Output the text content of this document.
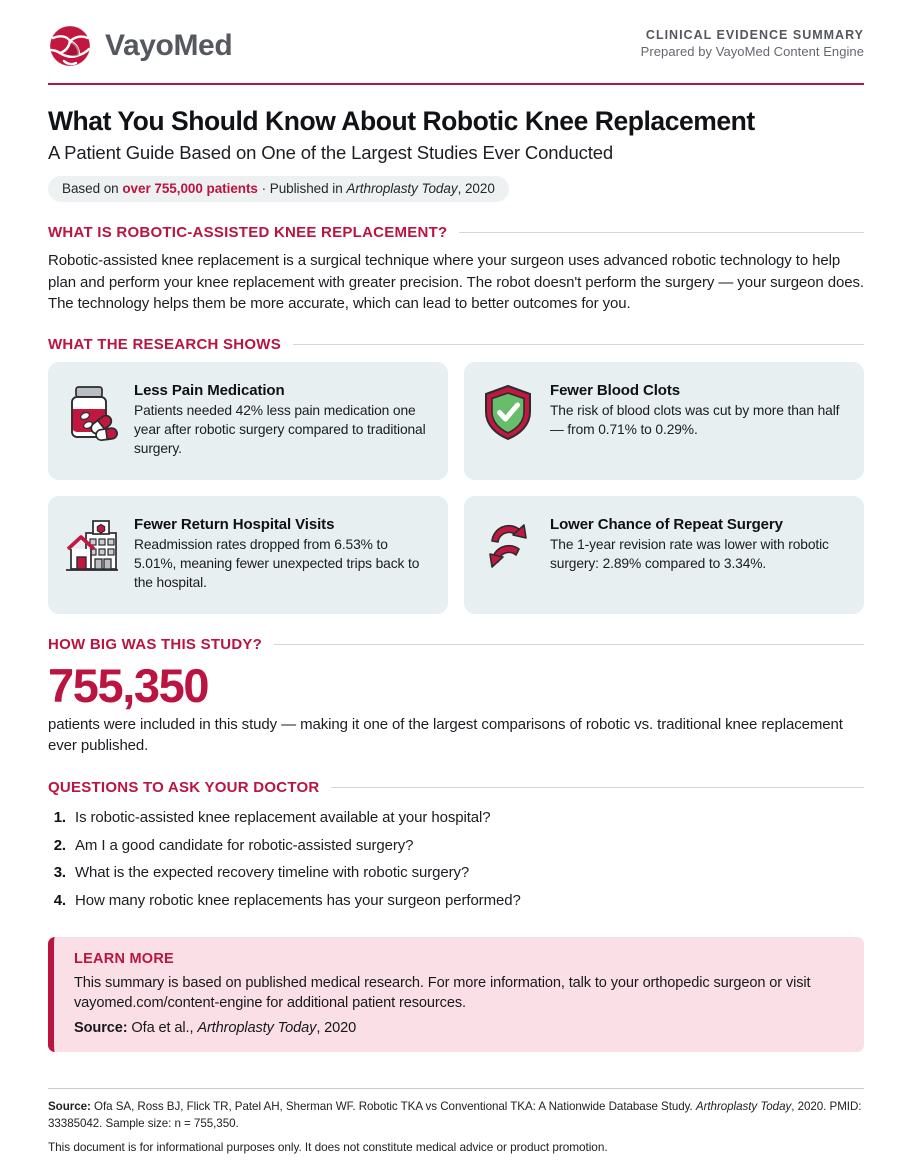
VayoMed	CLINICAL EVIDENCE SUMMARY
Prepared by VayoMed Content Engine
What You Should Know About Robotic Knee Replacement
A Patient Guide Based on One of the Largest Studies Ever Conducted
Based on over 755,000 patients · Published in Arthroplasty Today, 2020
WHAT IS ROBOTIC-ASSISTED KNEE REPLACEMENT?

Robotic-assisted knee replacement is a surgical technique where your surgeon uses advanced robotic technology to help plan and perform your knee replacement with greater precision. The robot doesn't perform the surgery — your surgeon does. The technology helps them be more accurate, which can lead to better outcomes for you.

WHAT THE RESEARCH SHOWS
Less Pain Medication
Patients needed 42% less pain medication one year after robotic surgery compared to traditional surgery.
Fewer Blood Clots
The risk of blood clots was cut by more than half — from 0.71% to 0.29%.
Fewer Return Hospital Visits
Readmission rates dropped from 6.53% to 5.01%, meaning fewer unexpected trips back to the hospital.
Lower Chance of Repeat Surgery
The 1-year revision rate was lower with robotic surgery: 2.89% compared to 3.34%.
HOW BIG WAS THIS STUDY?
755,350

patients were included in this study — making it one of the largest comparisons of robotic vs. traditional knee replacement ever published.

QUESTIONS TO ASK YOUR DOCTOR
1. Is robotic-assisted knee replacement available at your hospital?
2. Am I a good candidate for robotic-assisted surgery?
3. What is the expected recovery timeline with robotic surgery?
4. How many robotic knee replacements has your surgeon performed?
LEARN MORE
This summary is based on published medical research. For more information, talk to your orthopedic surgeon or visit vayomed.com/content-engine for additional patient resources.
Source: Ofa et al., Arthroplasty Today, 2020
Source: Ofa SA, Ross BJ, Flick TR, Patel AH, Sherman WF. Robotic TKA vs Conventional TKA: A Nationwide Database Study. Arthroplasty Today, 2020. PMID: 33385042. Sample size: n = 755,350.
This document is for informational purposes only. It does not constitute medical advice or product promotion.
